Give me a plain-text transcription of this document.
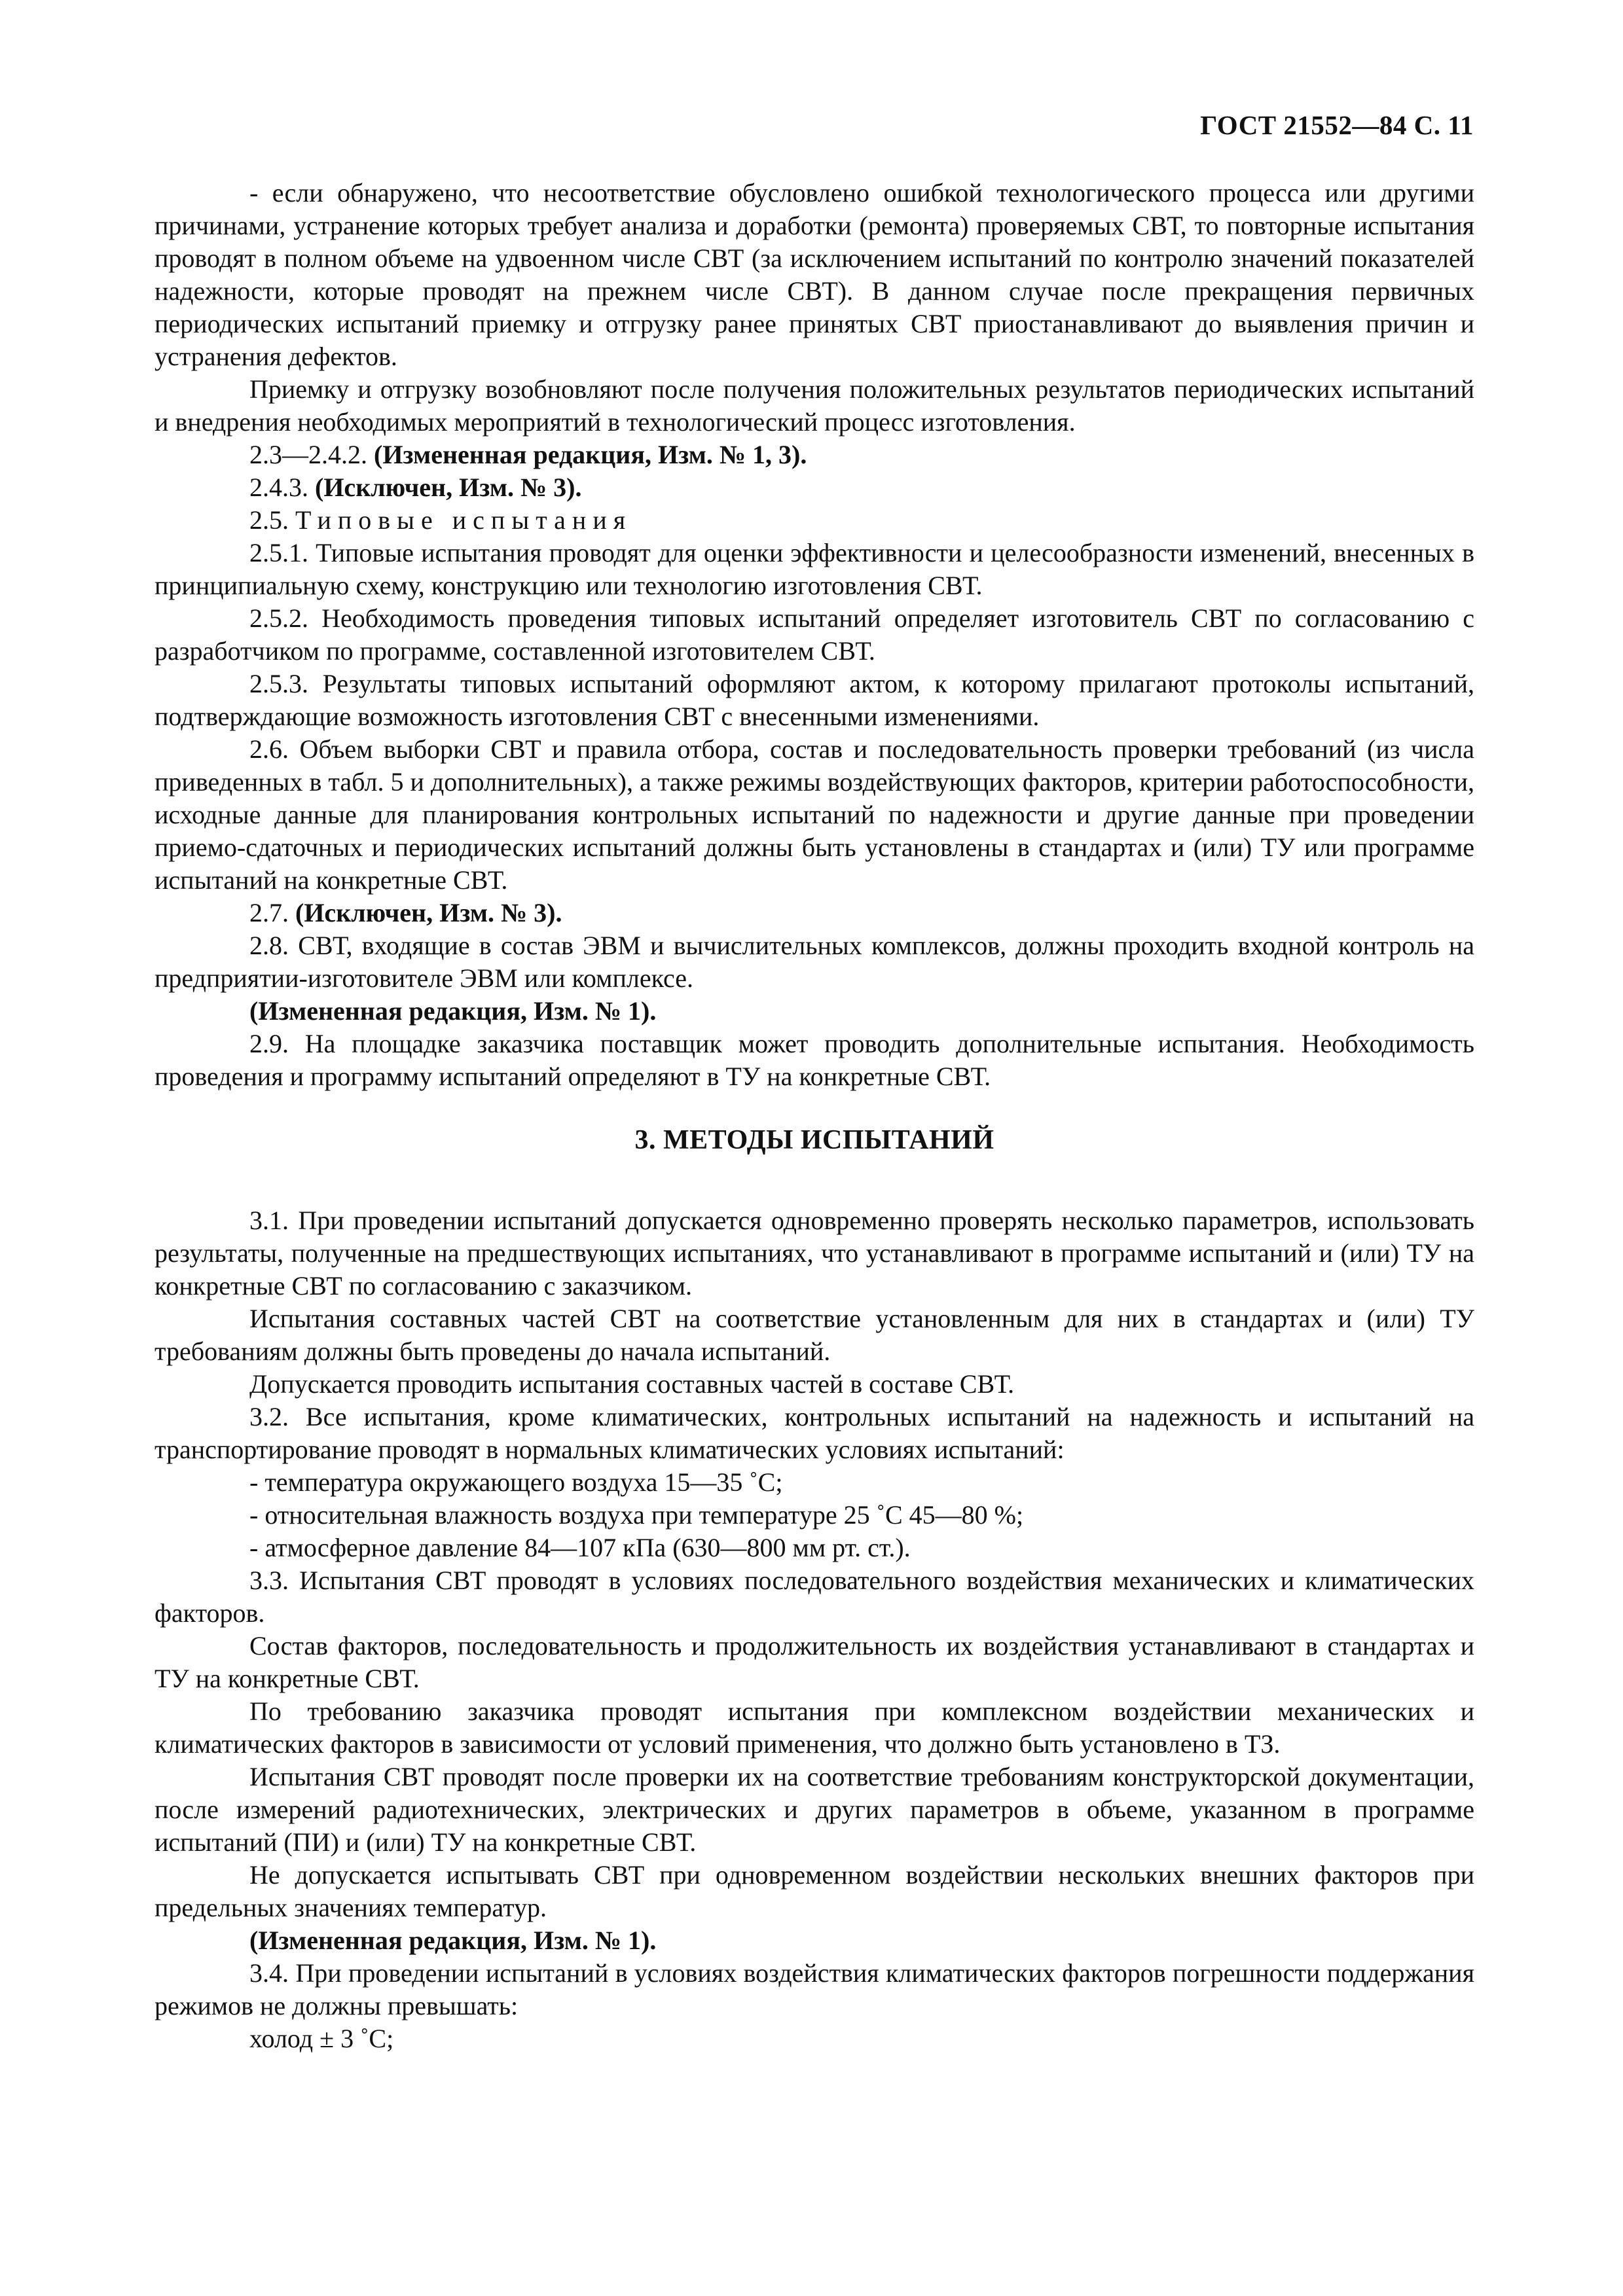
ГОСТ 21552—84 С. 11

- если обнаружено, что несоответствие обусловлено ошибкой технологического процесса или другими причинами, устранение которых требует анализа и доработки (ремонта) проверяемых СВТ, то повторные испытания проводят в полном объеме на удвоенном числе СВТ (за исключением испытаний по контролю значений показателей надежности, которые проводят на прежнем числе СВТ). В данном случае после прекращения первичных периодических испытаний приемку и отгрузку ранее принятых СВТ приостанавливают до выявления причин и устранения дефектов.

Приемку и отгрузку возобновляют после получения положительных результатов периодических испытаний и внедрения необходимых мероприятий в технологический процесс изготовления.

2.3—2.4.2. (Измененная редакция, Изм. № 1, 3).

2.4.3. (Исключен, Изм. № 3).

2.5. Типовые испытания

2.5.1. Типовые испытания проводят для оценки эффективности и целесообразности изменений, внесенных в принципиальную схему, конструкцию или технологию изготовления СВТ.

2.5.2. Необходимость проведения типовых испытаний определяет изготовитель СВТ по согласованию с разработчиком по программе, составленной изготовителем СВТ.

2.5.3. Результаты типовых испытаний оформляют актом, к которому прилагают протоколы испытаний, подтверждающие возможность изготовления СВТ с внесенными изменениями.

2.6. Объем выборки СВТ и правила отбора, состав и последовательность проверки требований (из числа приведенных в табл. 5 и дополнительных), а также режимы воздействующих факторов, критерии работоспособности, исходные данные для планирования контрольных испытаний по надежности и другие данные при проведении приемо-сдаточных и периодических испытаний должны быть установлены в стандартах и (или) ТУ или программе испытаний на конкретные СВТ.

2.7. (Исключен, Изм. № 3).

2.8. СВТ, входящие в состав ЭВМ и вычислительных комплексов, должны проходить входной контроль на предприятии-изготовителе ЭВМ или комплексе.

(Измененная редакция, Изм. № 1).

2.9. На площадке заказчика поставщик может проводить дополнительные испытания. Необходимость проведения и программу испытаний определяют в ТУ на конкретные СВТ.

3. МЕТОДЫ ИСПЫТАНИЙ

3.1. При проведении испытаний допускается одновременно проверять несколько параметров, использовать результаты, полученные на предшествующих испытаниях, что устанавливают в программе испытаний и (или) ТУ на конкретные СВТ по согласованию с заказчиком.

Испытания составных частей СВТ на соответствие установленным для них в стандартах и (или) ТУ требованиям должны быть проведены до начала испытаний.

Допускается проводить испытания составных частей в составе СВТ.

3.2. Все испытания, кроме климатических, контрольных испытаний на надежность и испытаний на транспортирование проводят в нормальных климатических условиях испытаний:

- температура окружающего воздуха 15—35 ˚С;

- относительная влажность воздуха при температуре 25 ˚С 45—80 %;

- атмосферное давление 84—107 кПа (630—800 мм рт. ст.).

3.3. Испытания СВТ проводят в условиях последовательного воздействия механических и климатических факторов.

Состав факторов, последовательность и продолжительность их воздействия устанавливают в стандартах и ТУ на конкретные СВТ.

По требованию заказчика проводят испытания при комплексном воздействии механических и климатических факторов в зависимости от условий применения, что должно быть установлено в ТЗ.

Испытания СВТ проводят после проверки их на соответствие требованиям конструкторской документации, после измерений радиотехнических, электрических и других параметров в объеме, указанном в программе испытаний (ПИ) и (или) ТУ на конкретные СВТ.

Не допускается испытывать СВТ при одновременном воздействии нескольких внешних факторов при предельных значениях температур.

(Измененная редакция, Изм. № 1).

3.4. При проведении испытаний в условиях воздействия климатических факторов погрешности поддержания режимов не должны превышать:

холод ± 3 ˚С;
